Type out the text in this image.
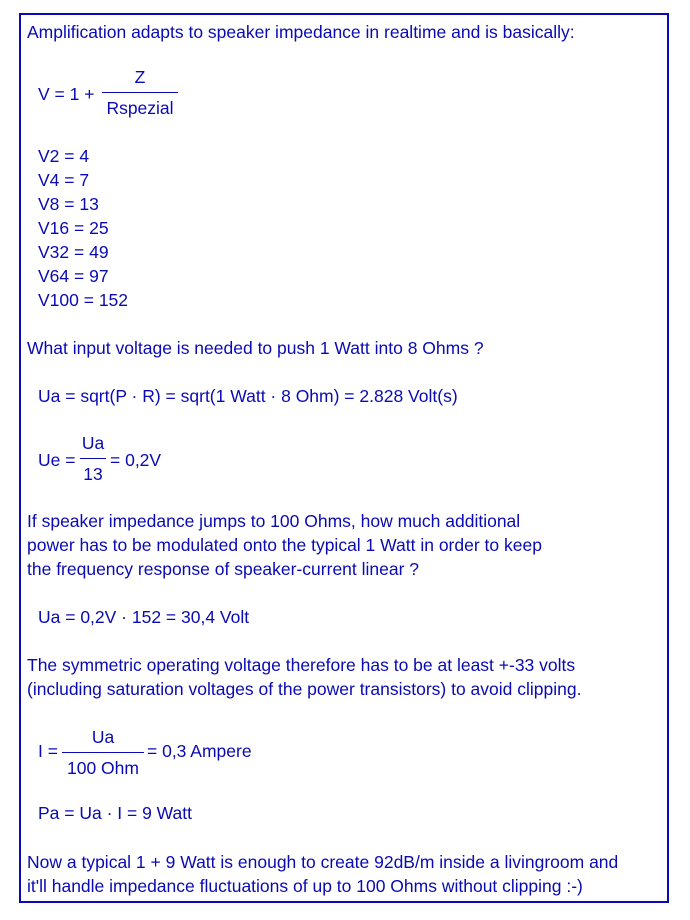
Amplification adapts to speaker impedance in realtime and is basically:
V = 1 +
Z
Rspezial
V2 = 4
V4 = 7
V8 = 13
V16 = 25
V32 = 49
V64 = 97
V100 = 152
What input voltage is needed to push 1 Watt into 8 Ohms ?
Ua = sqrt(P · R) = sqrt(1 Watt · 8 Ohm) = 2.828 Volt(s)
Ue =
Ua
13
= 0,2V
If speaker impedance jumps to 100 Ohms, how much additional
power has to be modulated onto the typical 1 Watt in order to keep
the frequency response of speaker-current linear ?
Ua = 0,2V · 152 = 30,4 Volt
The symmetric operating voltage therefore has to be at least +-33 volts
(including saturation voltages of the power transistors) to avoid clipping.
I =
Ua
100 Ohm
= 0,3 Ampere
Pa = Ua · I = 9 Watt
Now a typical 1 + 9 Watt is enough to create 92dB/m inside a livingroom and
it'll handle impedance fluctuations of up to 100 Ohms without clipping :-)
